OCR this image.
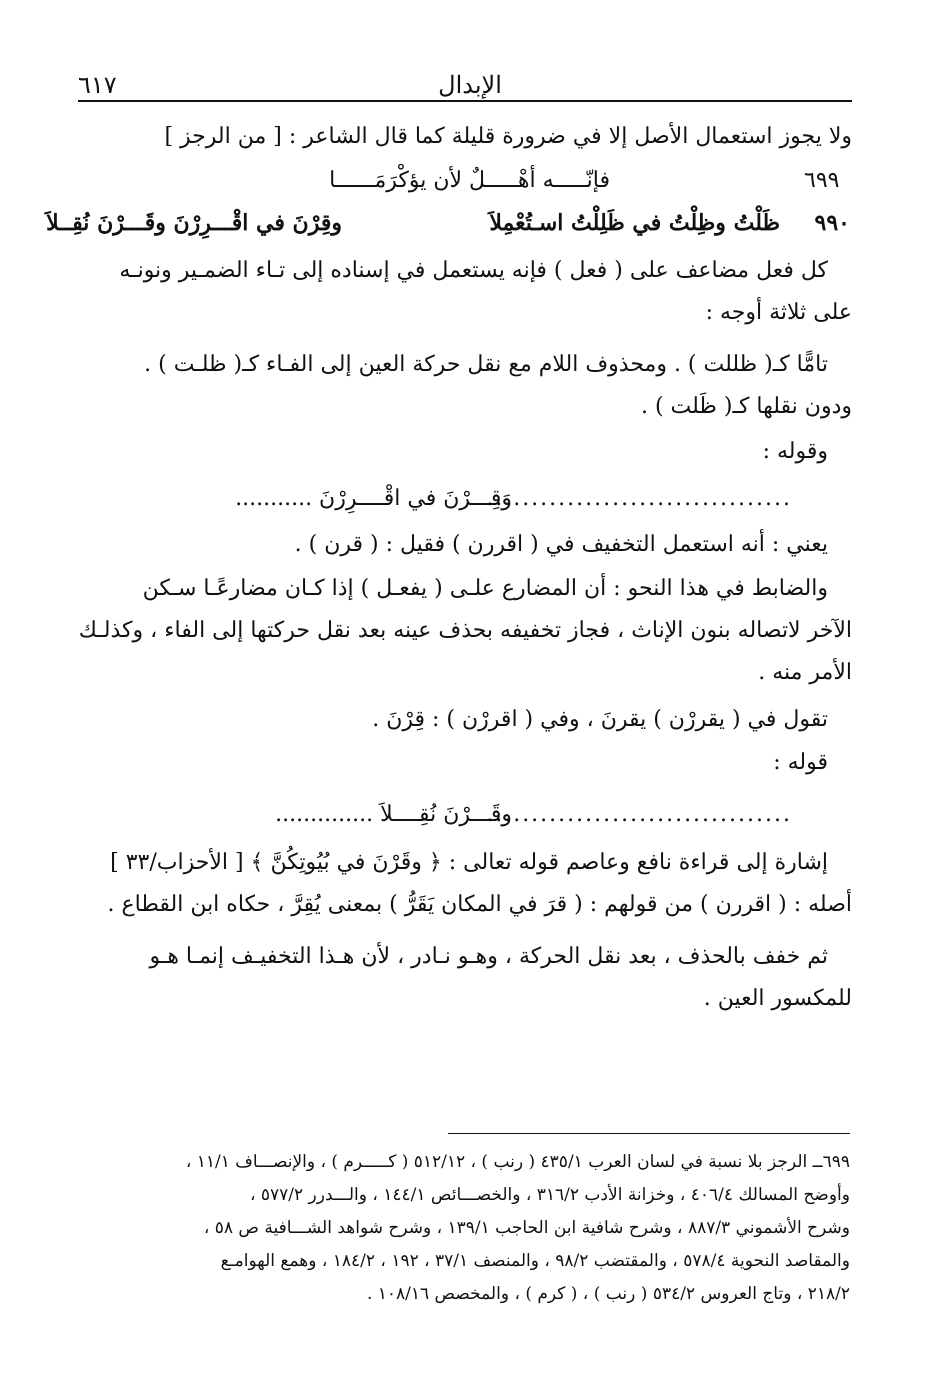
الإبدال
٦١٧
ولا يجوز استعمال الأصل إلا في ضرورة قليلة كما قال الشاعر : [ من الرجز ]
٦٩٩
فإنّـــــه أهْـــــلٌ لأن يؤكْرَمَــــــا
٩٩٠
ظَلْتُ وظِلْتُ في ظَلِلْتُ اسـتُعْمِلاَ
وقِرْنَ في اقْـــرِرْنَ وقَـــرْنَ نُقِــلاَ
كل فعل مضاعف على ( فعل ) فإنه يستعمل في إسناده إلى تـاء الضمـير ونونـه
على ثلاثة أوجه :
تامًّا كـ( ظللت ) . ومحذوف اللام مع نقل حركة العين إلى الفـاء كـ( ظلـت ) .
ودون نقلها كـ( ظَلت ) .
وقوله :
..................................
وَقِـــرْنَ في اقْــــرِرْنَ ...........
يعني : أنه استعمل التخفيف في ( اقررن ) فقيل : ( قرن ) .
والضابط في هذا النحو : أن المضارع علـى ( يفعـل ) إذا كـان مضارعًـا سـكن
الآخر لاتصاله بنون الإناث ، فجاز تخفيفه بحذف عينه بعد نقل حركتها إلى الفاء ، وكذلـك
الأمر منه .
تقول في ( يقررْن ) يقرنَ ، وفي ( اقررْن ) : قِرْنَ .
قوله :
..................................
وقَـــرْنَ نُقِــــلاَ ..............
إشارة إلى قراءة نافع وعاصم قوله تعالى : ﴿ وقَرْنَ في بُيُوتِكُنَّ ﴾ [ الأحزاب/٣٣ ]
أصله : ( اقررن ) من قولهم : ( قرَ في المكان يَقَرُّ ) بمعنى يُقِرَّ ، حكاه ابن القطاع .
ثم خفف بالحذف ، بعد نقل الحركة ، وهـو نـادر ، لأن هـذا التخفيـف إنمـا هـو
للمكسور العين .
٦٩٩ــ الرجز بلا نسبة في لسان العرب ٤٣٥/١ ( رنب ) ، ٥١٢/١٢ ( كـــــرم ) ، والإنصـــاف ١١/١ ،
وأوضح المسالك ٤٠٦/٤ ، وخزانة الأدب ٣١٦/٢ ، والخصـــائص ١٤٤/١ ، والـــدرر ٥٧٧/٢ ،
وشرح الأشموني ٨٨٧/٣ ، وشرح شافية ابن الحاجب ١٣٩/١ ، وشرح شواهد الشـــافية ص ٥٨ ،
والمقاصد النحوية ٥٧٨/٤ ، والمقتضب ٩٨/٢ ، والمنصف ٣٧/١ ، ١٩٢ ، ١٨٤/٢ ، وهمع الهوامـع
٢١٨/٢ ، وتاج العروس ٥٣٤/٢ ( رنب ) ، ( كرم ) ، والمخصص ١٠٨/١٦ .
